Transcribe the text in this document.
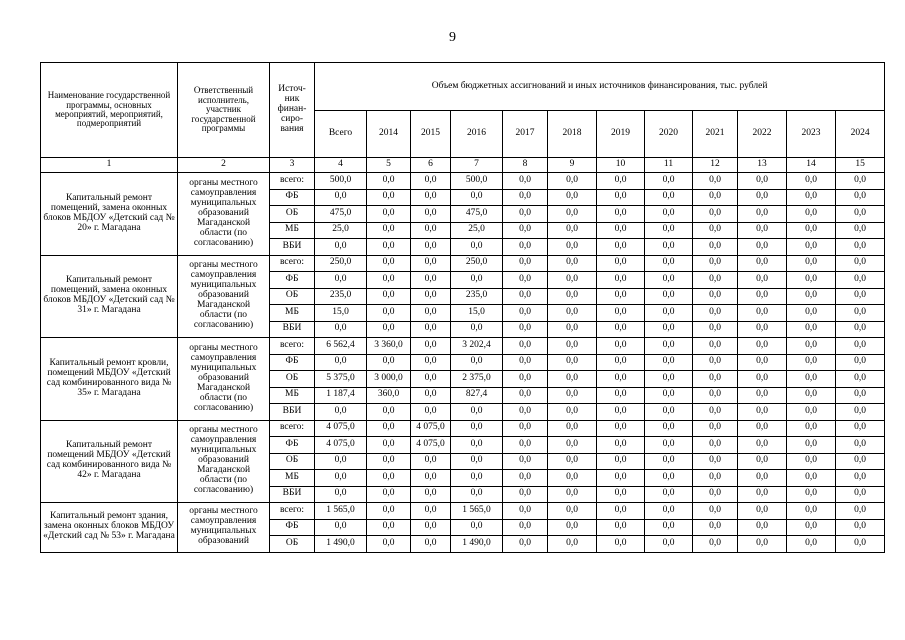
9
Наименование государственной программы, основных мероприятий, мероприятий, подмероприятий	Ответственный исполнитель, участник государственной программы	Источ-ник финан-сиро-вания	Объем бюджетных ассигнований и иных источников финансирования, тыс. рублей											
			Всего	2014	2015	2016	2017	2018	2019	2020	2021	2022	2023	2024
1	2	3	4	5	6	7	8	9	10	11	12	13	14	15
Капитальный ремонт помещений, замена оконных блоков МБДОУ «Детский сад № 20» г. Магадана	органы местного самоуправления муниципальных образований Магаданской области (по согласованию)	всего:	500,0	0,0	0,0	500,0	0,0	0,0	0,0	0,0	0,0	0,0	0,0	0,0
		ФБ	0,0	0,0	0,0	0,0	0,0	0,0	0,0	0,0	0,0	0,0	0,0	0,0
		ОБ	475,0	0,0	0,0	475,0	0,0	0,0	0,0	0,0	0,0	0,0	0,0	0,0
		МБ	25,0	0,0	0,0	25,0	0,0	0,0	0,0	0,0	0,0	0,0	0,0	0,0
		ВБИ	0,0	0,0	0,0	0,0	0,0	0,0	0,0	0,0	0,0	0,0	0,0	0,0
Капитальный ремонт помещений, замена оконных блоков МБДОУ «Детский сад № 31» г. Магадана	органы местного самоуправления муниципальных образований Магаданской области (по согласованию)	всего:	250,0	0,0	0,0	250,0	0,0	0,0	0,0	0,0	0,0	0,0	0,0	0,0
		ФБ	0,0	0,0	0,0	0,0	0,0	0,0	0,0	0,0	0,0	0,0	0,0	0,0
		ОБ	235,0	0,0	0,0	235,0	0,0	0,0	0,0	0,0	0,0	0,0	0,0	0,0
		МБ	15,0	0,0	0,0	15,0	0,0	0,0	0,0	0,0	0,0	0,0	0,0	0,0
		ВБИ	0,0	0,0	0,0	0,0	0,0	0,0	0,0	0,0	0,0	0,0	0,0	0,0
Капитальный ремонт кровли, помещений МБДОУ «Детский сад комбинированного вида № 35» г. Магадана	органы местного самоуправления муниципальных образований Магаданской области (по согласованию)	всего:	6 562,4	3 360,0	0,0	3 202,4	0,0	0,0	0,0	0,0	0,0	0,0	0,0	0,0
		ФБ	0,0	0,0	0,0	0,0	0,0	0,0	0,0	0,0	0,0	0,0	0,0	0,0
		ОБ	5 375,0	3 000,0	0,0	2 375,0	0,0	0,0	0,0	0,0	0,0	0,0	0,0	0,0
		МБ	1 187,4	360,0	0,0	827,4	0,0	0,0	0,0	0,0	0,0	0,0	0,0	0,0
		ВБИ	0,0	0,0	0,0	0,0	0,0	0,0	0,0	0,0	0,0	0,0	0,0	0,0
Капитальный ремонт помещений МБДОУ «Детский сад комбинированного вида № 42» г. Магадана	органы местного самоуправления муниципальных образований Магаданской области (по согласованию)	всего:	4 075,0	0,0	4 075,0	0,0	0,0	0,0	0,0	0,0	0,0	0,0	0,0	0,0
		ФБ	4 075,0	0,0	4 075,0	0,0	0,0	0,0	0,0	0,0	0,0	0,0	0,0	0,0
		ОБ	0,0	0,0	0,0	0,0	0,0	0,0	0,0	0,0	0,0	0,0	0,0	0,0
		МБ	0,0	0,0	0,0	0,0	0,0	0,0	0,0	0,0	0,0	0,0	0,0	0,0
		ВБИ	0,0	0,0	0,0	0,0	0,0	0,0	0,0	0,0	0,0	0,0	0,0	0,0
Капитальный ремонт здания, замена оконных блоков МБДОУ «Детский сад № 53» г. Магадана	органы местного самоуправления муниципальных образований	всего:	1 565,0	0,0	0,0	1 565,0	0,0	0,0	0,0	0,0	0,0	0,0	0,0	0,0
		ФБ	0,0	0,0	0,0	0,0	0,0	0,0	0,0	0,0	0,0	0,0	0,0	0,0
		ОБ	1 490,0	0,0	0,0	1 490,0	0,0	0,0	0,0	0,0	0,0	0,0	0,0	0,0
